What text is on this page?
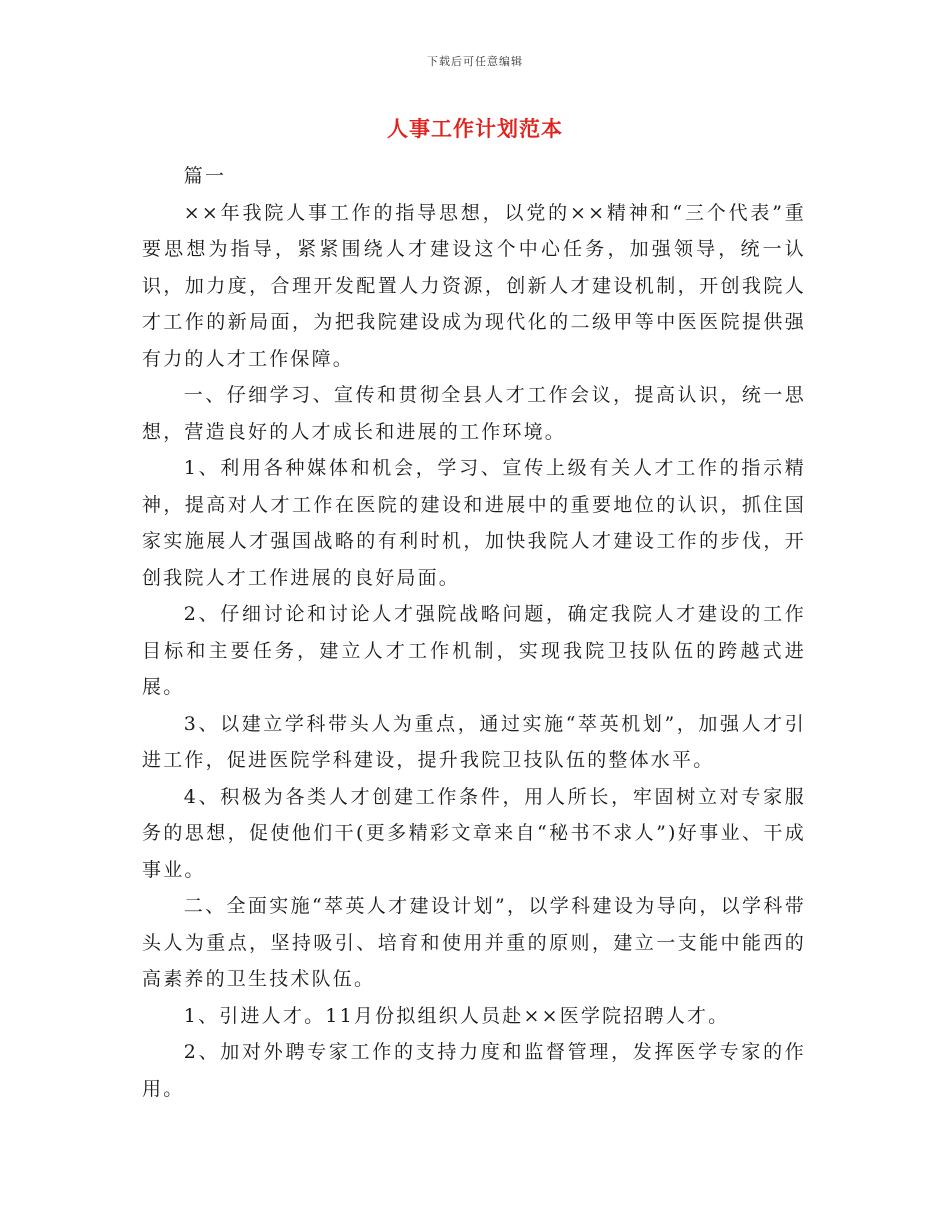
下载后可任意编辑
人事工作计划范本

篇一

××年我院人事工作的指导思想，以党的××精神和“三个代表”重要思想为指导，紧紧围绕人才建设这个中心任务，加强领导，统一认识，加力度，合理开发配置人力资源，创新人才建设机制，开创我院人才工作的新局面，为把我院建设成为现代化的二级甲等中医医院提供强有力的人才工作保障。

一、仔细学习、宣传和贯彻全县人才工作会议，提高认识，统一思想，营造良好的人才成长和进展的工作环境。

1、利用各种媒体和机会，学习、宣传上级有关人才工作的指示精神，提高对人才工作在医院的建设和进展中的重要地位的认识，抓住国家实施展人才强国战略的有利时机，加快我院人才建设工作的步伐，开创我院人才工作进展的良好局面。

2、仔细讨论和讨论人才强院战略问题，确定我院人才建设的工作目标和主要任务，建立人才工作机制，实现我院卫技队伍的跨越式进展。

3、以建立学科带头人为重点，通过实施“萃英机划”，加强人才引进工作，促进医院学科建设，提升我院卫技队伍的整体水平。

4、积极为各类人才创建工作条件，用人所长，牢固树立对专家服务的思想，促使他们干(更多精彩文章来自“秘书不求人”)好事业、干成事业。

二、全面实施“萃英人才建设计划”，以学科建设为导向，以学科带头人为重点，坚持吸引、培育和使用并重的原则，建立一支能中能西的高素养的卫生技术队伍。

1、引进人才。11月份拟组织人员赴××医学院招聘人才。

2、加对外聘专家工作的支持力度和监督管理，发挥医学专家的作用。
